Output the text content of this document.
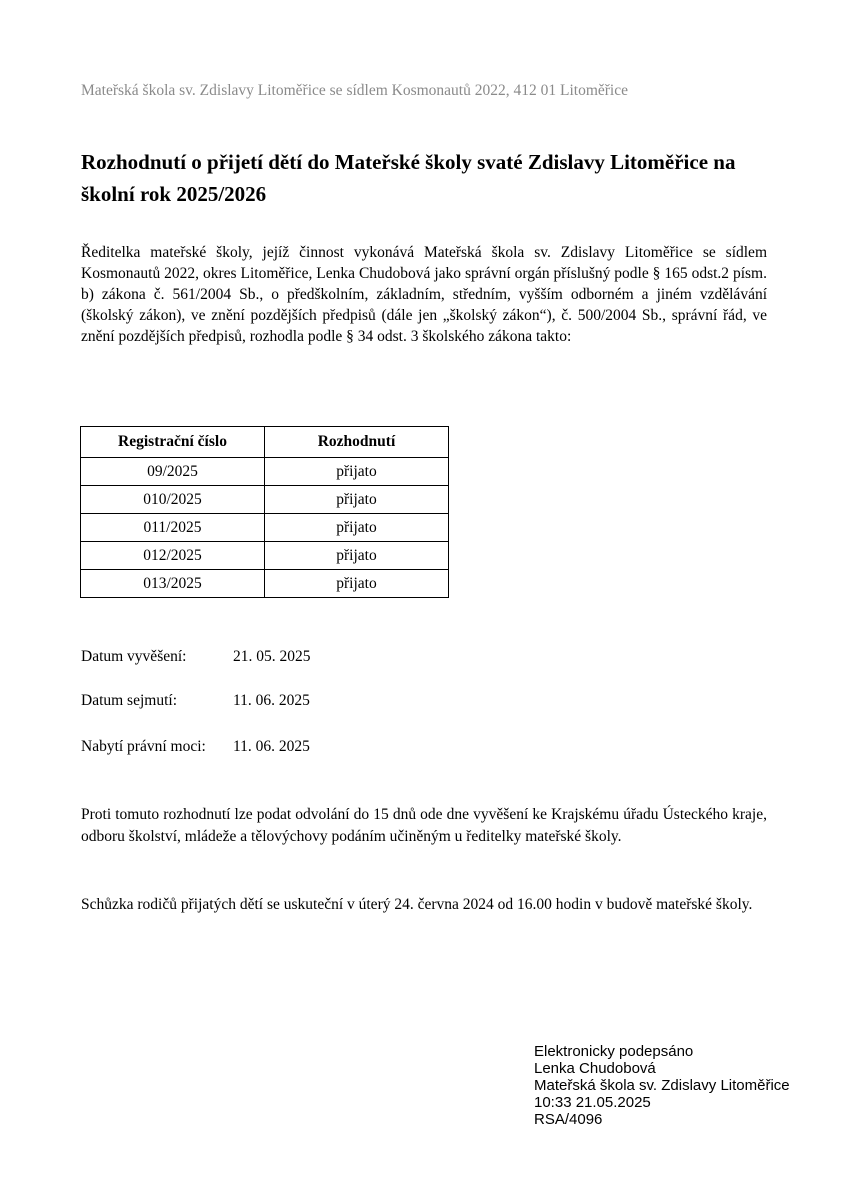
Mateřská škola sv. Zdislavy Litoměřice se sídlem Kosmonautů 2022, 412 01 Litoměřice
Rozhodnutí o přijetí dětí do Mateřské školy svaté Zdislavy Litoměřice na školní rok 2025/2026

Ředitelka mateřské školy, jejíž činnost vykonává Mateřská škola sv. Zdislavy Litoměřice se sídlem Kosmonautů 2022, okres Litoměřice, Lenka Chudobová jako správní orgán příslušný podle § 165 odst.2 písm. b) zákona č. 561/2004 Sb., o předškolním, základním, středním, vyšším odborném a jiném vzdělávání (školský zákon), ve znění pozdějších předpisů (dále jen „školský zákon“), č. 500/2004 Sb., správní řád, ve znění pozdějších předpisů, rozhodla podle § 34 odst. 3 školského zákona takto:

Registrační číslo	Rozhodnutí
09/2025	přijato
010/2025	přijato
011/2025	přijato
012/2025	přijato
013/2025	přijato
Datum vyvěšení:	21. 05. 2025
Datum sejmutí:	11. 06. 2025
Nabytí právní moci: 11. 06. 2025

Proti tomuto rozhodnutí lze podat odvolání do 15 dnů ode dne vyvěšení ke Krajskému úřadu Ústeckého kraje, odboru školství, mládeže a tělovýchovy podáním učiněným u ředitelky mateřské školy.

Schůzka rodičů přijatých dětí se uskuteční v úterý 24. června 2024 od 16.00 hodin v budově mateřské školy.

Elektronicky podepsáno
Lenka Chudobová
Mateřská škola sv. Zdislavy Litoměřice
10:33 21.05.2025
RSA/4096
